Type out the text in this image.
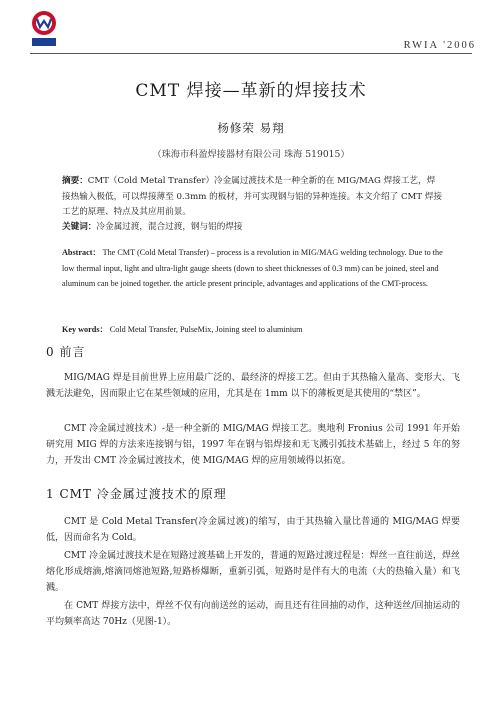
RWIA '2006
CMT 焊接—革新的焊接技术
杨修荣 易翔
（珠海市科盈焊接器材有限公司 珠海 519015）
摘要：CMT（Cold Metal Transfer）冷金属过渡技术是一种全新的在 MIG/MAG 焊接工艺，焊接热输入极低，可以焊接薄至 0.3mm 的板材，并可实现钢与铝的异种连接。本文介绍了 CMT 焊接工艺的原理、特点及其应用前景。
关键词：冷金属过渡，混合过渡，钢与铝的焊接
Abstract： The CMT (Cold Metal Transfer) – process is a revolution in MIG/MAG welding technology. Due to the low thermal input, light and ultra-light gauge sheets (down to sheet thicknesses of 0.3 mm) can be joined, steel and aluminum can be joined together. the article present principle, advantages and applications of the CMT-process.
Key words： Cold Metal Transfer, PulseMix, Joining steel to aluminium
0 前言
MIG/MAG 焊是目前世界上应用最广泛的、最经济的焊接工艺。但由于其热输入量高、变形大、飞溅无法避免，因而限止它在某些领域的应用，尤其是在 1mm 以下的薄板更是其使用的“禁区”。
CMT 冷金属过渡技术）-是一种全新的 MIG/MAG 焊接工艺。奥地利 Fronius 公司 1991 年开始研究用 MIG 焊的方法来连接钢与铝，1997 年在钢与铝焊接和无飞溅引弧技术基础上，经过 5 年的努力，开发出 CMT 冷金属过渡技术，使 MIG/MAG 焊的应用领域得以拓宽。
1 CMT 冷金属过渡技术的原理
CMT 是 Cold Metal Transfer(冷金属过渡)的缩写，由于其热输入量比普通的 MIG/MAG 焊要低，因而命名为 Cold。
CMT 冷金属过渡技术是在短路过渡基础上开发的，普通的短路过渡过程是：焊丝一直往前送，焊丝熔化形成熔滴,熔滴同熔池短路,短路桥爆断，重新引弧，短路时是伴有大的电流（大的热输入量）和飞溅。
在 CMT 焊接方法中，焊丝不仅有向前送丝的运动，而且还有往回抽的动作，这种送丝/回抽运动的平均频率高达 70Hz（见图-1）。
